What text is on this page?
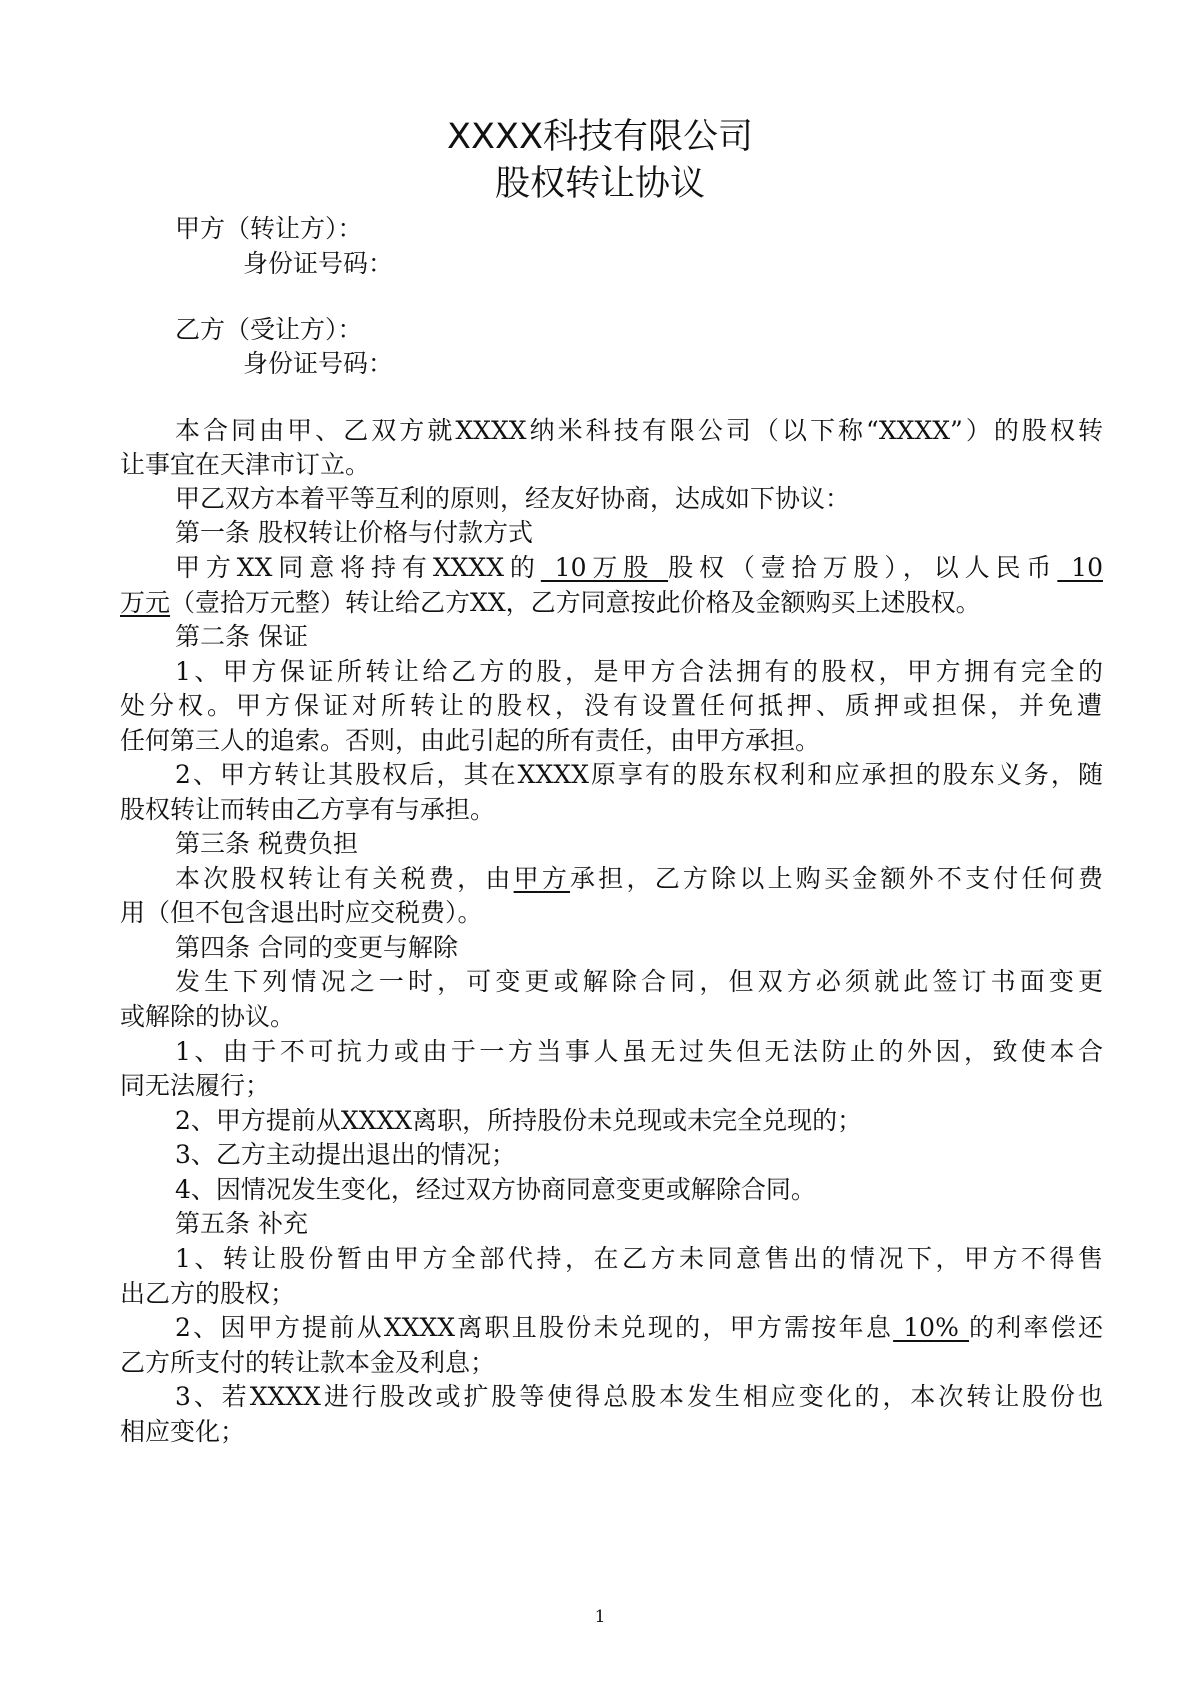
XXXX科技有限公司
股权转让协议
甲方（转让方）：
身份证号码：
乙方（受让方）：
身份证号码：
本合同由甲、乙双方就XXXX纳米科技有限公司（以下称“XXXX”）的股权转
让事宜在天津市订立。
甲乙双方本着平等互利的原则，经友好协商，达成如下协议：
第一条 股权转让价格与付款方式
甲方XX同意将持有XXXX的 10万股 股权（壹拾万股），以人民币 10
万元（壹拾万元整）转让给乙方XX，乙方同意按此价格及金额购买上述股权。
第二条 保证
1、甲方保证所转让给乙方的股，是甲方合法拥有的股权，甲方拥有完全的
处分权。甲方保证对所转让的股权，没有设置任何抵押、质押或担保，并免遭
任何第三人的追索。否则，由此引起的所有责任，由甲方承担。
2、甲方转让其股权后，其在XXXX原享有的股东权利和应承担的股东义务，随
股权转让而转由乙方享有与承担。
第三条 税费负担
本次股权转让有关税费，由甲方承担，乙方除以上购买金额外不支付任何费
用（但不包含退出时应交税费）。
第四条 合同的变更与解除
发生下列情况之一时，可变更或解除合同，但双方必须就此签订书面变更
或解除的协议。
1、由于不可抗力或由于一方当事人虽无过失但无法防止的外因，致使本合
同无法履行；
2、甲方提前从XXXX离职，所持股份未兑现或未完全兑现的；
3、乙方主动提出退出的情况；
4、因情况发生变化，经过双方协商同意变更或解除合同。
第五条 补充
1、转让股份暂由甲方全部代持，在乙方未同意售出的情况下，甲方不得售
出乙方的股权；
2、因甲方提前从XXXX离职且股份未兑现的，甲方需按年息 10% 的利率偿还
乙方所支付的转让款本金及利息；
3、若XXXX进行股改或扩股等使得总股本发生相应变化的，本次转让股份也
相应变化；
1
